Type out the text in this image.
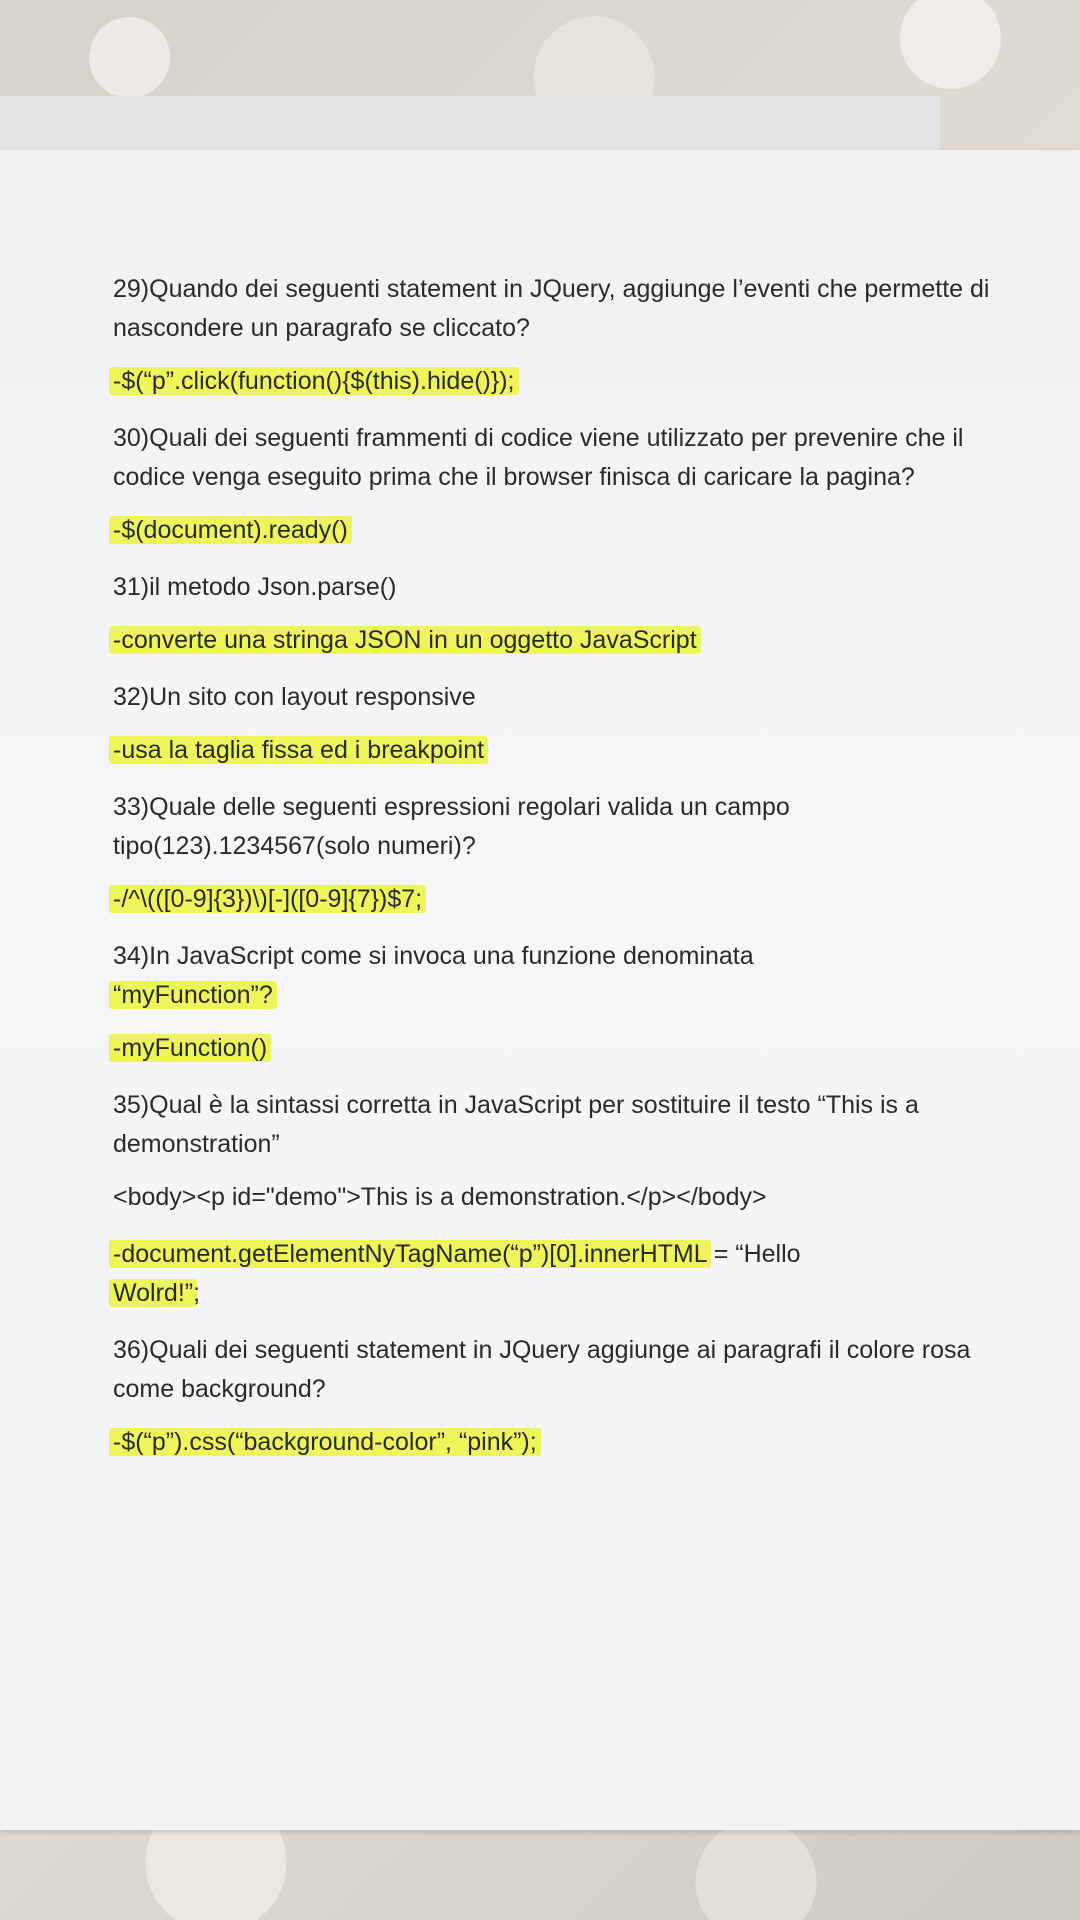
29)Quando dei seguenti statement in JQuery, aggiunge l’eventi che permette di nascondere un paragrafo se cliccato?
-$(“p”.click(function(){$(this).hide()});
30)Quali dei seguenti frammenti di codice viene utilizzato per prevenire che il codice venga eseguito prima che il browser finisca di caricare la pagina?
-$(document).ready()
31)il metodo Json.parse()
-converte una stringa JSON in un oggetto JavaScript
32)Un sito con layout responsive
-usa la taglia fissa ed i breakpoint
33)Quale delle seguenti espressioni regolari valida un campo tipo(123).1234567(solo numeri)?
-/^\(([0-9]{3})\)[-]([0-9]{7})$7;
34)In JavaScript come si invoca una funzione denominata
“myFunction”?
-myFunction()
35)Qual è la sintassi corretta in JavaScript per sostituire il testo “This is a demonstration”
<body><p id="demo">This is a demonstration.</p></body>
-document.getElementNyTagName(“p”)[0].innerHTML = “Hello
Wolrd!”;
36)Quali dei seguenti statement in JQuery aggiunge ai paragrafi il colore rosa come background?
-$(“p”).css(“background-color”, “pink”);
